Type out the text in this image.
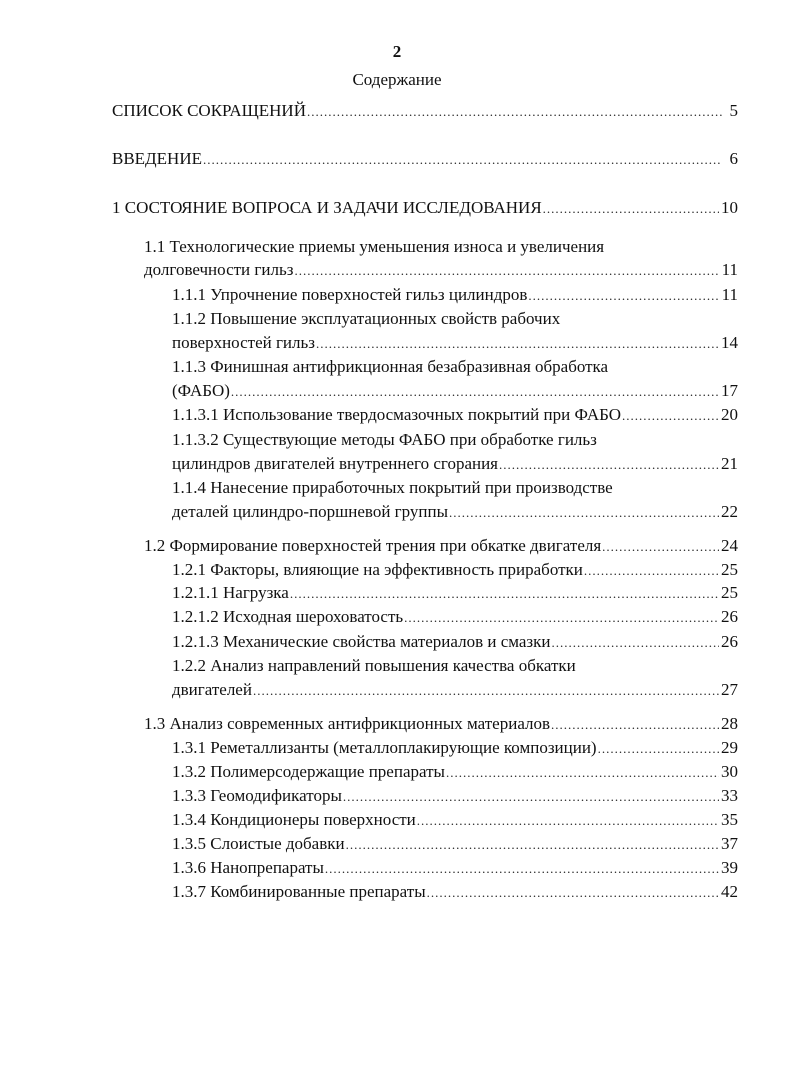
2
Содержание
СПИСОК СОКРАЩЕНИЙ .....	5
ВВЕДЕНИЕ .....	6
1 СОСТОЯНИЕ ВОПРОСА И ЗАДАЧИ ИССЛЕДОВАНИЯ .....	10
1.1 Технологические приемы уменьшения износа и увеличения
долговечности гильз .....	11
1.1.1 Упрочнение поверхностей гильз цилиндров .....	11
1.1.2 Повышение эксплуатационных свойств рабочих
поверхностей гильз .....	14
1.1.3 Финишная антифрикционная безабразивная обработка
(ФАБО) .....	17
1.1.3.1 Использование твердосмазочных покрытий при ФАБО .....	20
1.1.3.2 Существующие методы ФАБО при обработке гильз
цилиндров двигателей внутреннего сгорания .....	21
1.1.4 Нанесение приработочных покрытий при производстве
деталей цилиндро-поршневой группы .....	22
1.2 Формирование поверхностей трения при обкатке двигателя .....	24
1.2.1 Факторы, влияющие на эффективность приработки .....	25
1.2.1.1 Нагрузка .....	25
1.2.1.2 Исходная шероховатость .....	26
1.2.1.3 Механические свойства материалов и смазки .....	26
1.2.2 Анализ направлений повышения качества обкатки
двигателей .....	27
1.3 Анализ современных антифрикционных материалов .....	28
1.3.1 Реметаллизанты (металлоплакирующие композиции) .....	29
1.3.2 Полимерсодержащие препараты .....	30
1.3.3 Геомодификаторы .....	33
1.3.4 Кондиционеры поверхности .....	35
1.3.5 Слоистые добавки .....	37
1.3.6 Нанопрепараты .....	39
1.3.7 Комбинированные препараты .....	42
